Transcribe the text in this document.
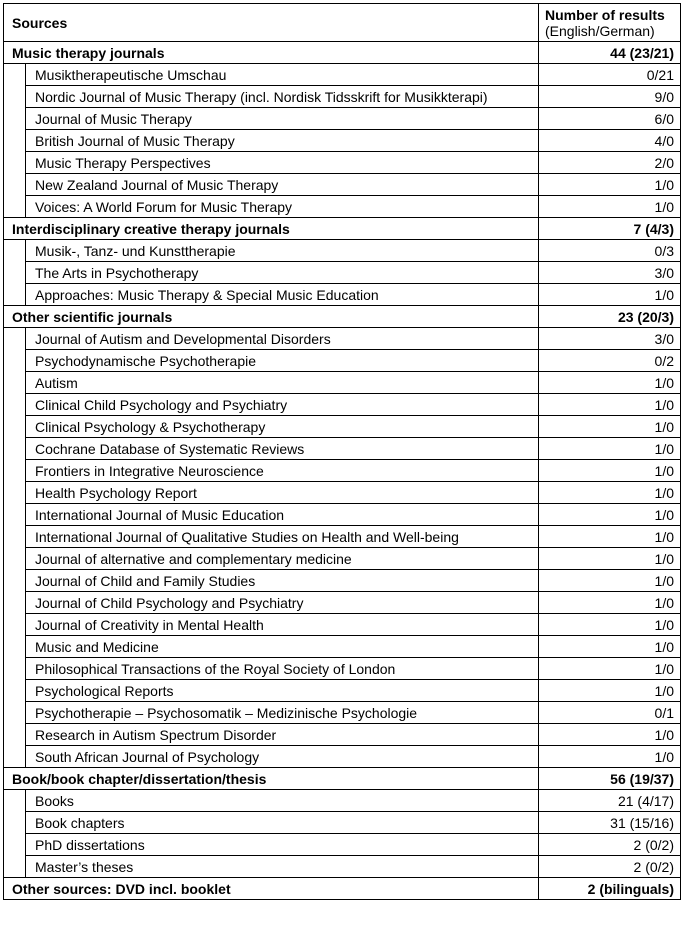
Sources		Number of results
(English/German)

Music therapy journals		44 (23/21)
	Musiktherapeutische Umschau	0/21
	Nordic Journal of Music Therapy (incl. Nordisk Tidsskrift for Musikkterapi)	9/0
	Journal of Music Therapy	6/0
	British Journal of Music Therapy	4/0
	Music Therapy Perspectives	2/0
	New Zealand Journal of Music Therapy	1/0
	Voices: A World Forum for Music Therapy	1/0
Interdisciplinary creative therapy journals		7 (4/3)
	Musik-, Tanz- und Kunsttherapie	0/3
	The Arts in Psychotherapy	3/0
	Approaches: Music Therapy & Special Music Education	1/0
Other scientific journals		23 (20/3)
	Journal of Autism and Developmental Disorders	3/0
	Psychodynamische Psychotherapie	0/2
	Autism	1/0
	Clinical Child Psychology and Psychiatry	1/0
	Clinical Psychology & Psychotherapy	1/0
	Cochrane Database of Systematic Reviews	1/0
	Frontiers in Integrative Neuroscience	1/0
	Health Psychology Report	1/0
	International Journal of Music Education	1/0
	International Journal of Qualitative Studies on Health and Well-being	1/0
	Journal of alternative and complementary medicine	1/0
	Journal of Child and Family Studies	1/0
	Journal of Child Psychology and Psychiatry	1/0
	Journal of Creativity in Mental Health	1/0
	Music and Medicine	1/0
	Philosophical Transactions of the Royal Society of London	1/0
	Psychological Reports	1/0
	Psychotherapie – Psychosomatik – Medizinische Psychologie	0/1
	Research in Autism Spectrum Disorder	1/0
	South African Journal of Psychology	1/0
Book/book chapter/dissertation/thesis		56 (19/37)
	Books	21 (4/17)
	Book chapters	31 (15/16)
	PhD dissertations	2 (0/2)
	Master’s theses	2 (0/2)
Other sources: DVD incl. booklet		2 (bilinguals)
